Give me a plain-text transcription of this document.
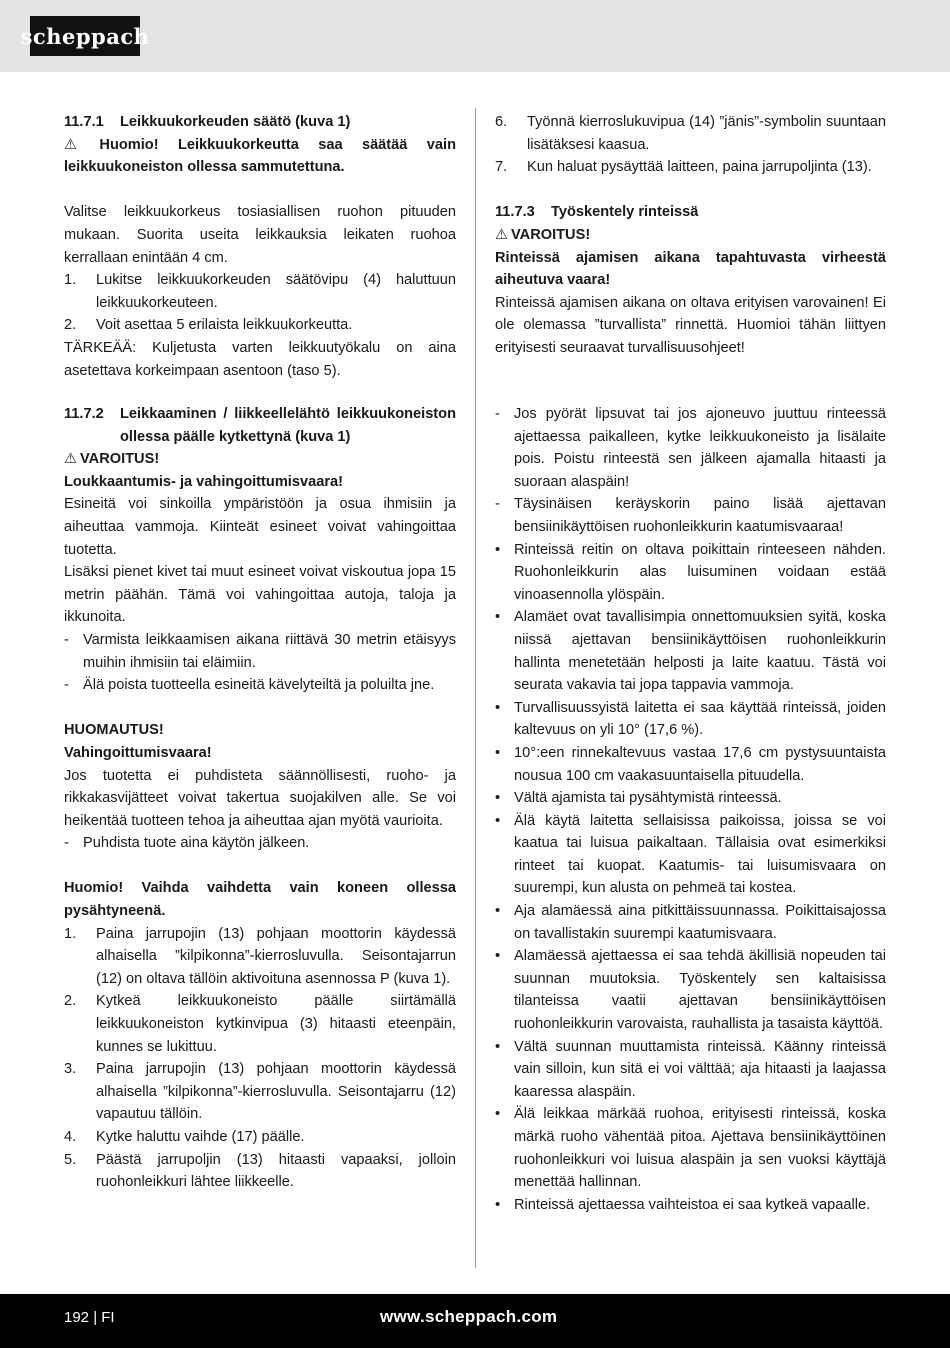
scheppach
11.7.1	Leikkuukorkeuden säätö (kuva 1)
⚠ Huomio! Leikkuukorkeutta saa säätää vain leikkuukoneiston ollessa sammutettuna.
Valitse leikkuukorkeus tosiasiallisen ruohon pituuden mukaan. Suorita useita leikkauksia leikaten ruohoa kerrallaan enintään 4 cm.
1.	Lukitse leikkuukorkeuden säätövipu (4) haluttuun leikkuukorkeuteen.
2.	Voit asettaa 5 erilaista leikkuukorkeutta.
TÄRKEÄÄ: Kuljetusta varten leikkuutyökalu on aina asetettava korkeimpaan asentoon (taso 5).
11.7.2	Leikkaaminen / liikkeellelähtö leikkuukoneiston ollessa päälle kytkettynä (kuva 1)
⚠ VAROITUS!
Loukkaantumis- ja vahingoittumisvaara!
Esineitä voi sinkoilla ympäristöön ja osua ihmisiin ja aiheuttaa vammoja. Kiinteät esineet voivat vahingoittaa tuotetta.
Lisäksi pienet kivet tai muut esineet voivat viskoutua jopa 15 metrin päähän. Tämä voi vahingoittaa autoja, taloja ja ikkunoita.
- Varmista leikkaamisen aikana riittävä 30 metrin etäisyys muihin ihmisiin tai eläimiin.
- Älä poista tuotteella esineitä kävelyteiltä ja poluilta jne.
HUOMAUTUS!
Vahingoittumisvaara!
Jos tuotetta ei puhdisteta säännöllisesti, ruoho- ja rikkakasvijätteet voivat takertua suojakilven alle. Se voi heikentää tuotteen tehoa ja aiheuttaa ajan myötä vaurioita.
- Puhdista tuote aina käytön jälkeen.
Huomio! Vaihda vaihdetta vain koneen ollessa pysähtyneenä.
1.	Paina jarrupojin (13) pohjaan moottorin käydessä alhaisella ”kilpikonna”-kierrosluvulla. Seisontajarrun (12) on oltava tällöin aktivoituna asennossa P (kuva 1).
2.	Kytkeä leikkuukoneisto päälle siirtämällä leikkuukoneiston kytkinvipua (3) hitaasti eteenpäin, kunnes se lukittuu.
3.	Paina jarrupojin (13) pohjaan moottorin käydessä alhaisella ”kilpikonna”-kierrosluvulla. Seisontajarru (12) vapautuu tällöin.
4.	Kytke haluttu vaihde (17) päälle.
5.	Päästä jarrupoljin (13) hitaasti vapaaksi, jolloin ruohonleikkuri lähtee liikkeelle.
6.	Työnnä kierroslukuvipua (14) ”jänis”-symbolin suuntaan lisätäksesi kaasua.
7.	Kun haluat pysäyttää laitteen, paina jarrupoljinta (13).
11.7.3	Työskentely rinteissä
⚠ VAROITUS!
Rinteissä ajamisen aikana tapahtuvasta virheestä aiheutuva vaara!
Rinteissä ajamisen aikana on oltava erityisen varovainen! Ei ole olemassa ”turvallista” rinnettä. Huomioi tähän liittyen erityisesti seuraavat turvallisuusohjeet!
- Jos pyörät lipsuvat tai jos ajoneuvo juuttuu rinteessä ajettaessa paikalleen, kytke leikkuukoneisto ja lisälaite pois. Poistu rinteestä sen jälkeen ajamalla hitaasti ja suoraan alaspäin!
- Täysinäisen keräyskorin paino lisää ajettavan bensiinikäyttöisen ruohonleikkurin kaatumisvaaraa!
• Rinteissä reitin on oltava poikittain rinteeseen nähden. Ruohonleikkurin alas luisuminen voidaan estää vinoasennolla ylöspäin.
• Alamäet ovat tavallisimpia onnettomuuksien syitä, koska niissä ajettavan bensiinikäyttöisen ruohonleikkurin hallinta menetetään helposti ja laite kaatuu. Tästä voi seurata vakavia tai jopa tappavia vammoja.
• Turvallisuussyistä laitetta ei saa käyttää rinteissä, joiden kaltevuus on yli 10° (17,6 %).
• 10°:een rinnekaltevuus vastaa 17,6 cm pystysuuntaista nousua 100 cm vaakasuuntaisella pituudella.
• Vältä ajamista tai pysähtymistä rinteessä.
• Älä käytä laitetta sellaisissa paikoissa, joissa se voi kaatua tai luisua paikaltaan. Tällaisia ovat esimerkiksi rinteet tai kuopat. Kaatumis- tai luisumisvaara on suurempi, kun alusta on pehmeä tai kostea.
• Aja alamäessä aina pitkittäissuunnassa. Poikittaisajossa on tavallistakin suurempi kaatumisvaara.
• Alamäessä ajettaessa ei saa tehdä äkillisiä nopeuden tai suunnan muutoksia. Työskentely sen kaltaisissa tilanteissa vaatii ajettavan bensiinikäyttöisen ruohonleikkurin varovaista, rauhallista ja tasaista käyttöä.
• Vältä suunnan muuttamista rinteissä. Käänny rinteissä vain silloin, kun sitä ei voi välttää; aja hitaasti ja laajassa kaaressa alaspäin.
• Älä leikkaa märkää ruohoa, erityisesti rinteissä, koska märkä ruoho vähentää pitoa. Ajettava bensiinikäyttöinen ruohonleikkuri voi luisua alaspäin ja sen vuoksi käyttäjä menettää hallinnan.
• Rinteissä ajettaessa vaihteistoa ei saa kytkeä vapaalle.
192 | FI	www.scheppach.com
